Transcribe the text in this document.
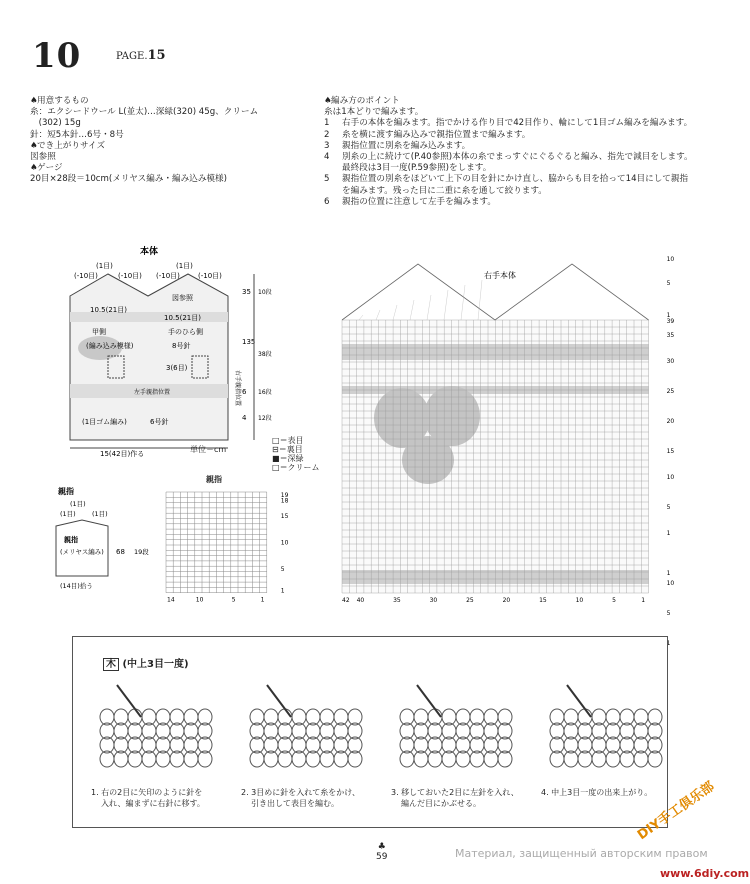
10	PAGE.15
♠用意するもの
糸：エクシードウール L(並太)…深緑(320) 45g、クリーム
　(302) 15g
針：短5本針…6号・8号
♠でき上がりサイズ
図参照
♠ゲージ
20目×28段＝10cm(メリヤス編み・編み込み模様)
♠編み方のポイント
糸は1本どりで編みます。
1	右手の本体を編みます。指でかける作り目で42目作り、輪にして1目ゴム編みを編みます。
2	糸を横に渡す編み込みで親指位置まで編みます。
3	親指位置に別糸を編み込みます。
4	別糸の上に続けて(P.40参照)本体の糸でまっすぐにぐるぐると編み、指先で減目をします。
最終段は3目一度(P.59参照)をします。
5	親指位置の別糸をほどいて上下の目を針にかけ直し、脇からも目を拾って14目にして親指
を編みます。残った目に二重に糸を通して絞ります。
6	親指の位置に注意して左手を編みます。
本体
(1目)	(1目)
(-10目)	(-10目) (-10目)	(-10目)
図参照
10.5(21目)
10.5(21目)
甲側	手のひら側
(編み込み模様)	8号針
3(6目)
(1目ゴム編み)	6号針
15(42目)作る
35 10段
135
38段
6 16段
4 12段
左手親指位置	右手親指位置
単位＝cm
□＝表目
⊟＝裏目
■＝深緑
□＝クリーム
親指
(1目)
(1目)	(1目)
親指
(メリヤス編み) 68 19段
(14目)拾う
親指
19
18
15
10
5
1
14	10	5	1
右手本体
10
5
1
39
35
30
25
20
15
10
5
1
1
10
5
1
42 40	35	30	25	20	15	10	5	1
木 (中上3目一度)
1. 右の2目に矢印のように針を
入れ、編まずに右針に移す。
2. 3目めに針を入れて糸をかけ、
引き出して表目を編む。
3. 移しておいた2目に左針を入れ、
編んだ目にかぶせる。
4. 中上3目一度の出来上がり。
♣
59	Материал, защищенный авторским правом
www.6diy.com
DIY手工俱乐部
